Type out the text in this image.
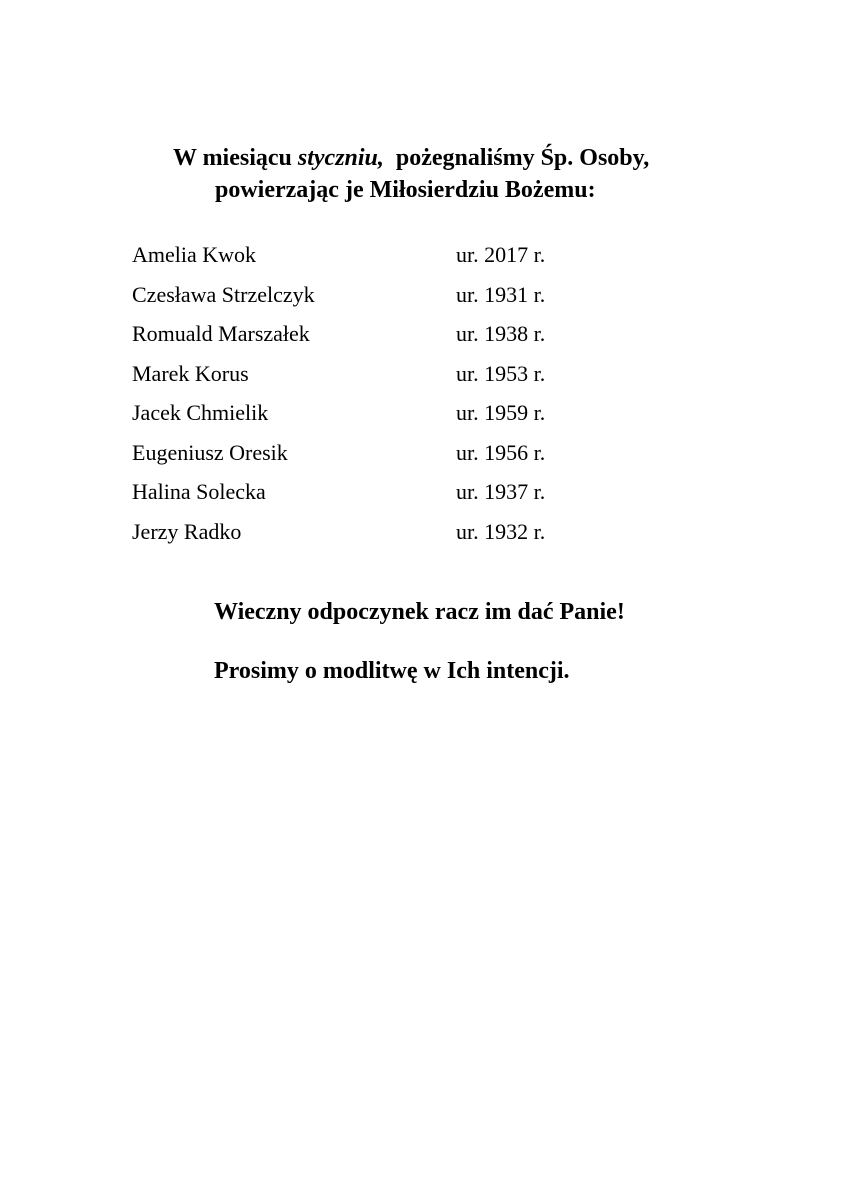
W miesiącu styczniu,  pożegnaliśmy Śp. Osoby,
powierzając je Miłosierdziu Bożemu:
Amelia Kwok	ur. 2017 r.
Czesława Strzelczyk	ur. 1931 r.
Romuald Marszałek	ur. 1938 r.
Marek Korus	ur. 1953 r.
Jacek Chmielik	ur. 1959 r.
Eugeniusz Oresik	ur. 1956 r.
Halina Solecka	ur. 1937 r.
Jerzy Radko	ur. 1932 r.
Wieczny odpoczynek racz im dać Panie!
Prosimy o modlitwę w Ich intencji.
